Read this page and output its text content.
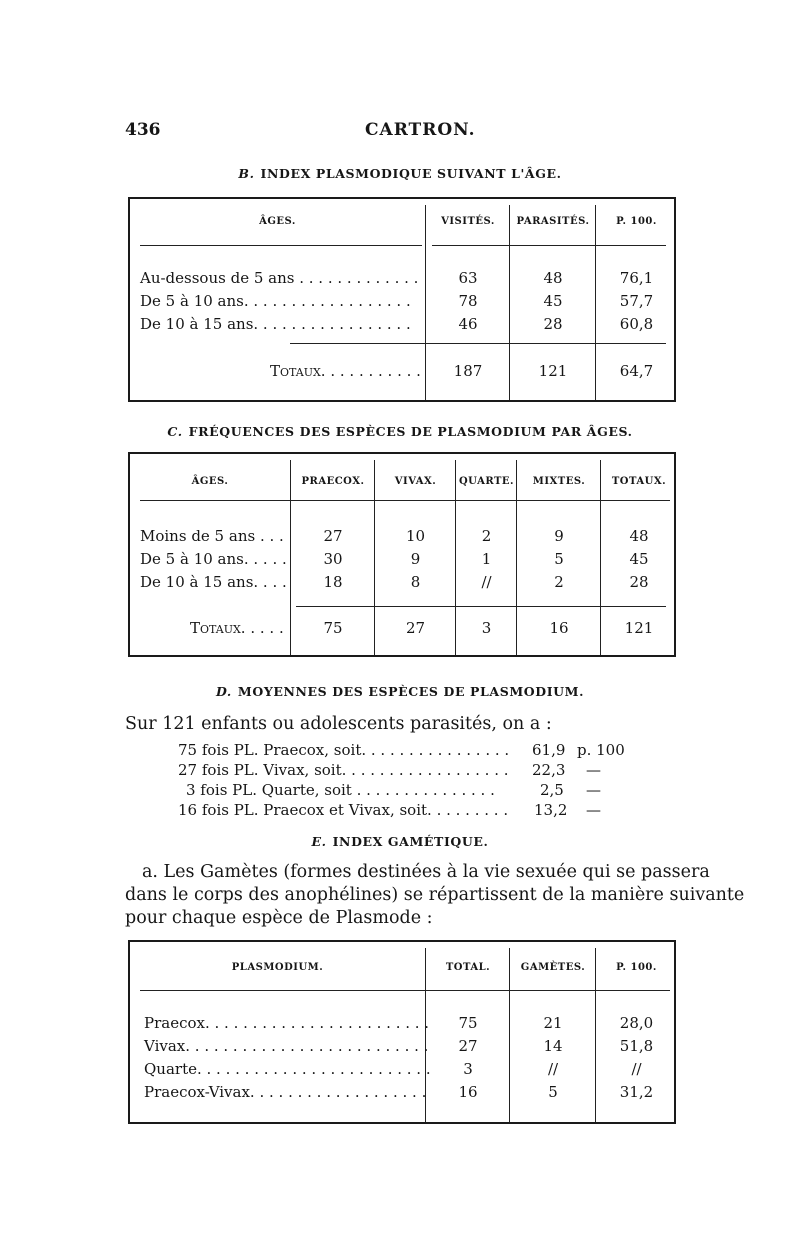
436	CARTRON.
B. INDEX PLASMODIQUE SUIVANT L'ÂGE.
ÂGES.	VISITÉS.	PARASITÉS.	P. 100.
Au-dessous de 5 ans . . . . . . . . . . . . .	63	48	76,1
De 5 à 10 ans. . . . . . . . . . . . . . . . . .	78	45	57,7
De 10 à 15 ans. . . . . . . . . . . . . . . . .	46	28	60,8
Totaux. . . . . . . . . . .	187	121	64,7
C. FRÉQUENCES DES ESPÈCES DE PLASMODIUM PAR ÂGES.
ÂGES.	PRAECOX.	VIVAX.	QUARTE.	MIXTES.	TOTAUX.
Moins de 5 ans . . .	27	10	2	9	48
De 5 à 10 ans. . . . .	30	9	1	5	45
De 10 à 15 ans. . . .	18	8	//	2	28
Totaux. . . . .	75	27	3	16	121
D. MOYENNES DES ESPÈCES DE PLASMODIUM.
Sur 121 enfants ou adolescents parasités, on a :
75 fois PL. Praecox, soit. . . . . . . . . . . . . . . . 61,9 p. 100
27 fois PL. Vivax, soit. . . . . . . . . . . . . . . . . . 22,3 —
3 fois PL. Quarte, soit . . . . . . . . . . . . . . .	2,5 —
16 fois PL. Praecox et Vivax, soit. . . . . . . . . 13,2 —
E. INDEX GAMÉTIQUE.
a. Les Gamètes (formes destinées à la vie sexuée qui se passera
dans le corps des anophélines) se répartissent de la manière suivante
pour chaque espèce de Plasmode :
PLASMODIUM.	TOTAL.	GAMÈTES.	P. 100.
Praecox. . . . . . . . . . . . . . . . . . . . . . . .	75	21	28,0
Vivax. . . . . . . . . . . . . . . . . . . . . . . . . .	27	14	51,8
Quarte. . . . . . . . . . . . . . . . . . . . . . . . .	3	//	//
Praecox-Vivax. . . . . . . . . . . . . . . . . . .	16	5	31,2
